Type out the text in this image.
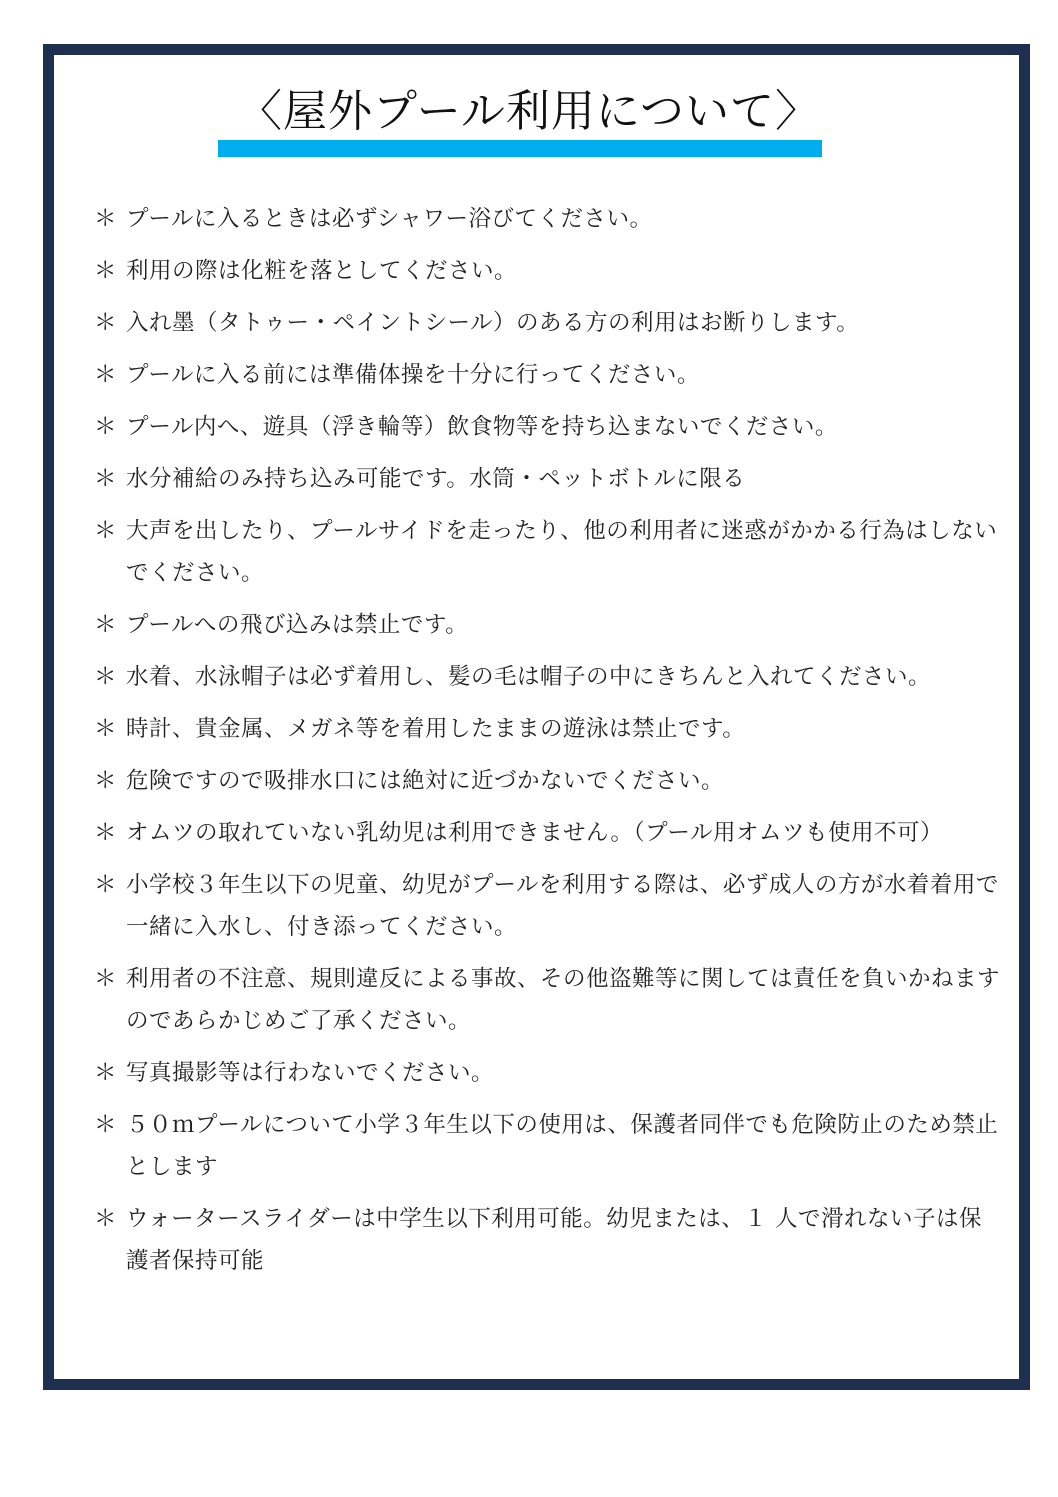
〈屋外プール利用について〉
＊ プールに入るときは必ずシャワー浴びてください。
＊ 利用の際は化粧を落としてください。
＊ 入れ墨（タトゥー・ペイントシール）のある方の利用はお断りします。
＊ プールに入る前には準備体操を十分に行ってください。
＊ プール内へ、遊具（浮き輪等）飲食物等を持ち込まないでください。
＊ 水分補給のみ持ち込み可能です。水筒・ペットボトルに限る
＊ 大声を出したり、プールサイドを走ったり、他の利用者に迷惑がかかる行為はしないでください。
＊ プールへの飛び込みは禁止です。
＊ 水着、水泳帽子は必ず着用し、髪の毛は帽子の中にきちんと入れてください。
＊ 時計、貴金属、メガネ等を着用したままの遊泳は禁止です。
＊ 危険ですので吸排水口には絶対に近づかないでください。
＊ オムツの取れていない乳幼児は利用できません。（プール用オムツも使用不可）
＊ 小学校３年生以下の児童、幼児がプールを利用する際は、必ず成人の方が水着着用で一緒に入水し、付き添ってください。
＊ 利用者の不注意、規則違反による事故、その他盗難等に関しては責任を負いかねますのであらかじめご了承ください。
＊ 写真撮影等は行わないでください。
＊ ５０ｍプールについて小学３年生以下の使用は、保護者同伴でも危険防止のため禁止とします
＊ ウォータースライダーは中学生以下利用可能。幼児または、１ 人で滑れない子は保護者保持可能
